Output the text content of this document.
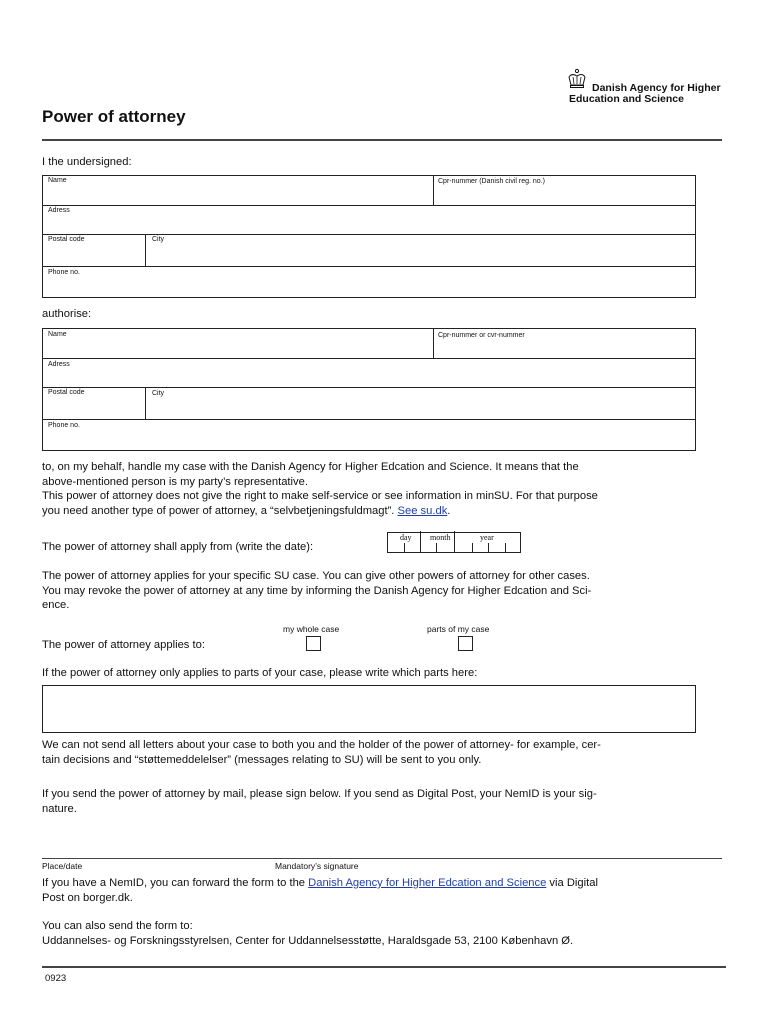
Danish Agency for Higher
Education and Science
Power of attorney
I the undersigned:
Name	Cpr-nummer (Danish civil reg. no.)
Adress
Postal code	City
Phone no.
authorise:
Name	Cpr-nummer or cvr-nummer
Adress
Postal code	City
Phone no.
to, on my behalf, handle my case with the Danish Agency for Higher Edcation and Science. It means that the
above-mentioned person is my party’s representative.
This power of attorney does not give the right to make self-service or see information in minSU. For that purpose
you need another type of power of attorney, a “selvbetjeningsfuldmagt”. See su.dk.
The power of attorney shall apply from (write the date):
day month	year
The power of attorney applies for your specific SU case. You can give other powers of attorney for other cases.
You may revoke the power of attorney at any time by informing the Danish Agency for Higher Edcation and Sci-
ence.
my whole case	parts of my case
The power of attorney applies to:
If the power of attorney only applies to parts of your case, please write which parts here:
We can not send all letters about your case to both you and the holder of the power of attorney- for example, cer-
tain decisions and “støttemeddelelser” (messages relating to SU) will be sent to you only.
If you send the power of attorney by mail, please sign below. If you send as Digital Post, your NemID is your sig-
nature.
Place/date	Mandatory’s signature
If you have a NemID, you can forward the form to the Danish Agency for Higher Edcation and Science via Digital
Post on borger.dk.
You can also send the form to:
Uddannelses- og Forskningsstyrelsen, Center for Uddannelsesstøtte, Haraldsgade 53, 2100 København Ø.
0923
